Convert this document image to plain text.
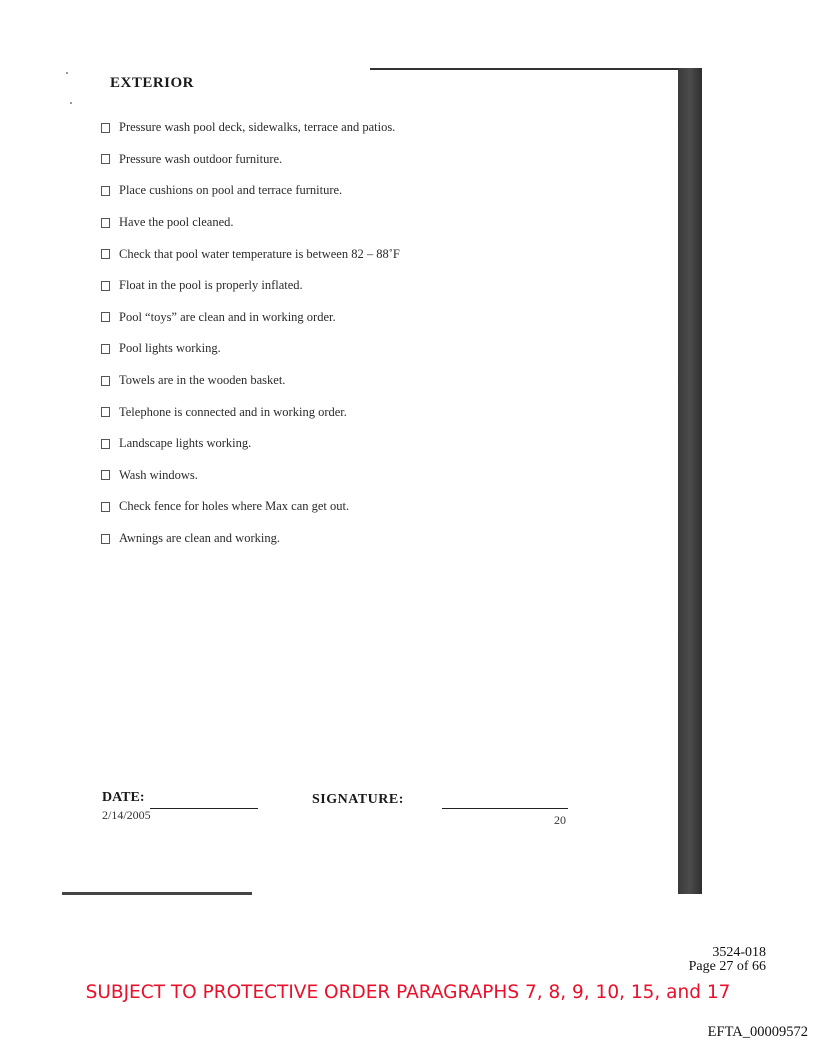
EXTERIOR
Pressure wash pool deck, sidewalks, terrace and patios.
Pressure wash outdoor furniture.
Place cushions on pool and terrace furniture.
Have the pool cleaned.
Check that pool water temperature is between 82 – 88˚F
Float in the pool is properly inflated.
Pool “toys” are clean and in working order.
Pool lights working.
Towels are in the wooden basket.
Telephone is connected and in working order.
Landscape lights working.
Wash windows.
Check fence for holes where Max can get out.
Awnings are clean and working.
DATE:
2/14/2005
SIGNATURE:
20
3524-018
Page 27 of 66
SUBJECT TO PROTECTIVE ORDER PARAGRAPHS 7, 8, 9, 10, 15, and 17
EFTA_00009572
